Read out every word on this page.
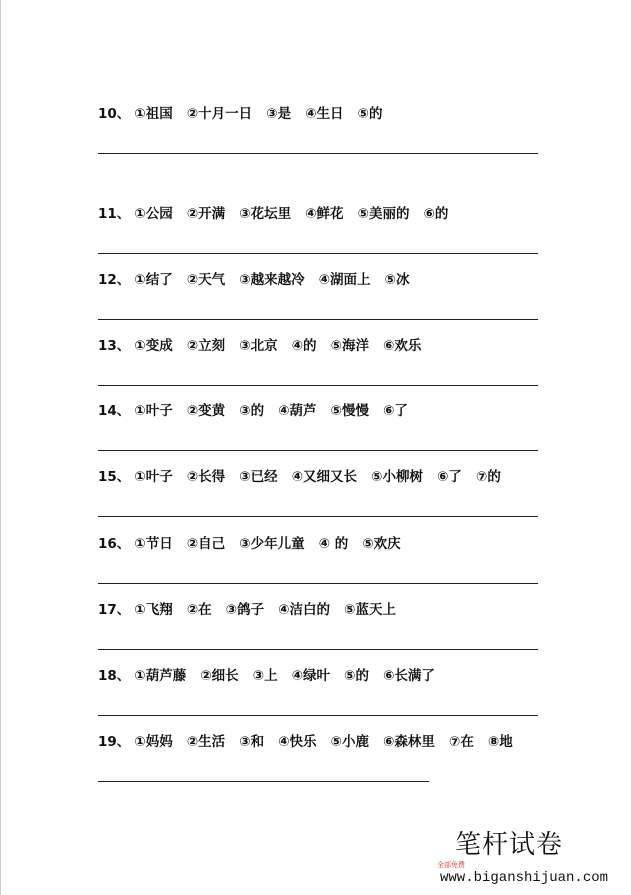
10、 ①祖国 ②十月一日 ③是 ④生日 ⑤的
11、 ①公园 ②开满 ③花坛里 ④鲜花 ⑤美丽的 ⑥的
12、 ①结了 ②天气 ③越来越冷 ④湖面上 ⑤冰
13、 ①变成 ②立刻 ③北京 ④的 ⑤海洋 ⑥欢乐
14、 ①叶子 ②变黄 ③的 ④葫芦 ⑤慢慢 ⑥了
15、 ①叶子 ②长得 ③已经 ④又细又长 ⑤小柳树 ⑥了 ⑦的
16、 ①节日 ②自己 ③少年儿童 ④ 的 ⑤欢庆
17、 ①飞翔 ②在 ③鸽子 ④洁白的 ⑤蓝天上
18、 ①葫芦藤 ②细长 ③上 ④绿叶 ⑤的 ⑥长满了
19、 ①妈妈 ②生活 ③和 ④快乐 ⑤小鹿 ⑥森林里 ⑦在 ⑧地
笔杆试卷
全部免费
www.biganshijuan.com
